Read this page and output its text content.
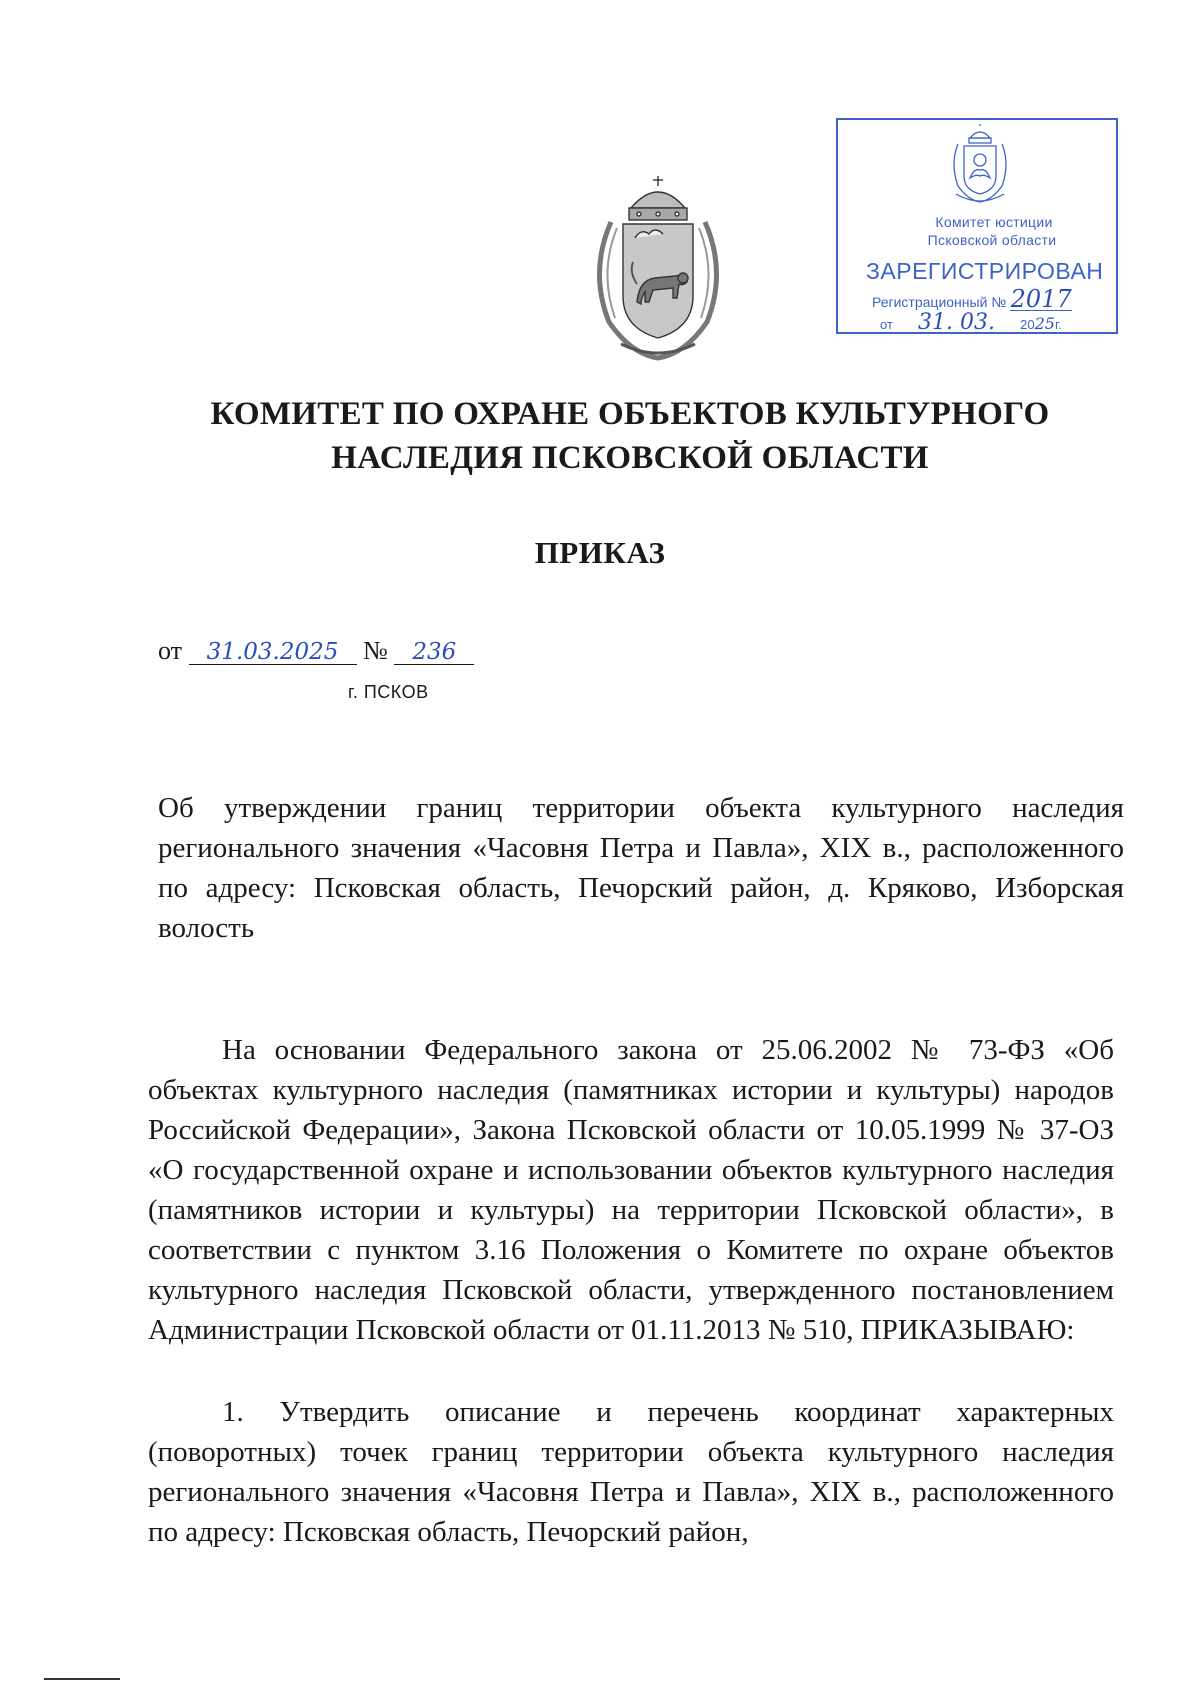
Комитет юстиции
Псковской области
ЗАРЕГИСТРИРОВАН
Регистрационный № 2017
от 31. 03. 2025г.
КОМИТЕТ ПО ОХРАНЕ ОБЪЕКТОВ КУЛЬТУРНОГО НАСЛЕДИЯ ПСКОВСКОЙ ОБЛАСТИ
ПРИКАЗ
от 31.03.2025 № 236
г. ПСКОВ
Об утверждении границ территории объекта культурного наследия регионального значения «Часовня Петра и Павла», XIX в., расположенного по адресу: Псковская область, Печорский район, д. Кряково, Изборская волость
На основании Федерального закона от 25.06.2002 № 73-ФЗ «Об объектах культурного наследия (памятниках истории и культуры) народов Российской Федерации», Закона Псковской области от 10.05.1999 № 37-ОЗ «О государственной охране и использовании объектов культурного наследия (памятников истории и культуры) на территории Псковской области», в соответствии с пунктом 3.16 Положения о Комитете по охране объектов культурного наследия Псковской области, утвержденного постановлением Администрации Псковской области от 01.11.2013 № 510, ПРИКАЗЫВАЮ:
1. Утвердить описание и перечень координат характерных (поворотных) точек границ территории объекта культурного наследия регионального значения «Часовня Петра и Павла», XIX в., расположенного по адресу: Псковская область, Печорский район,
